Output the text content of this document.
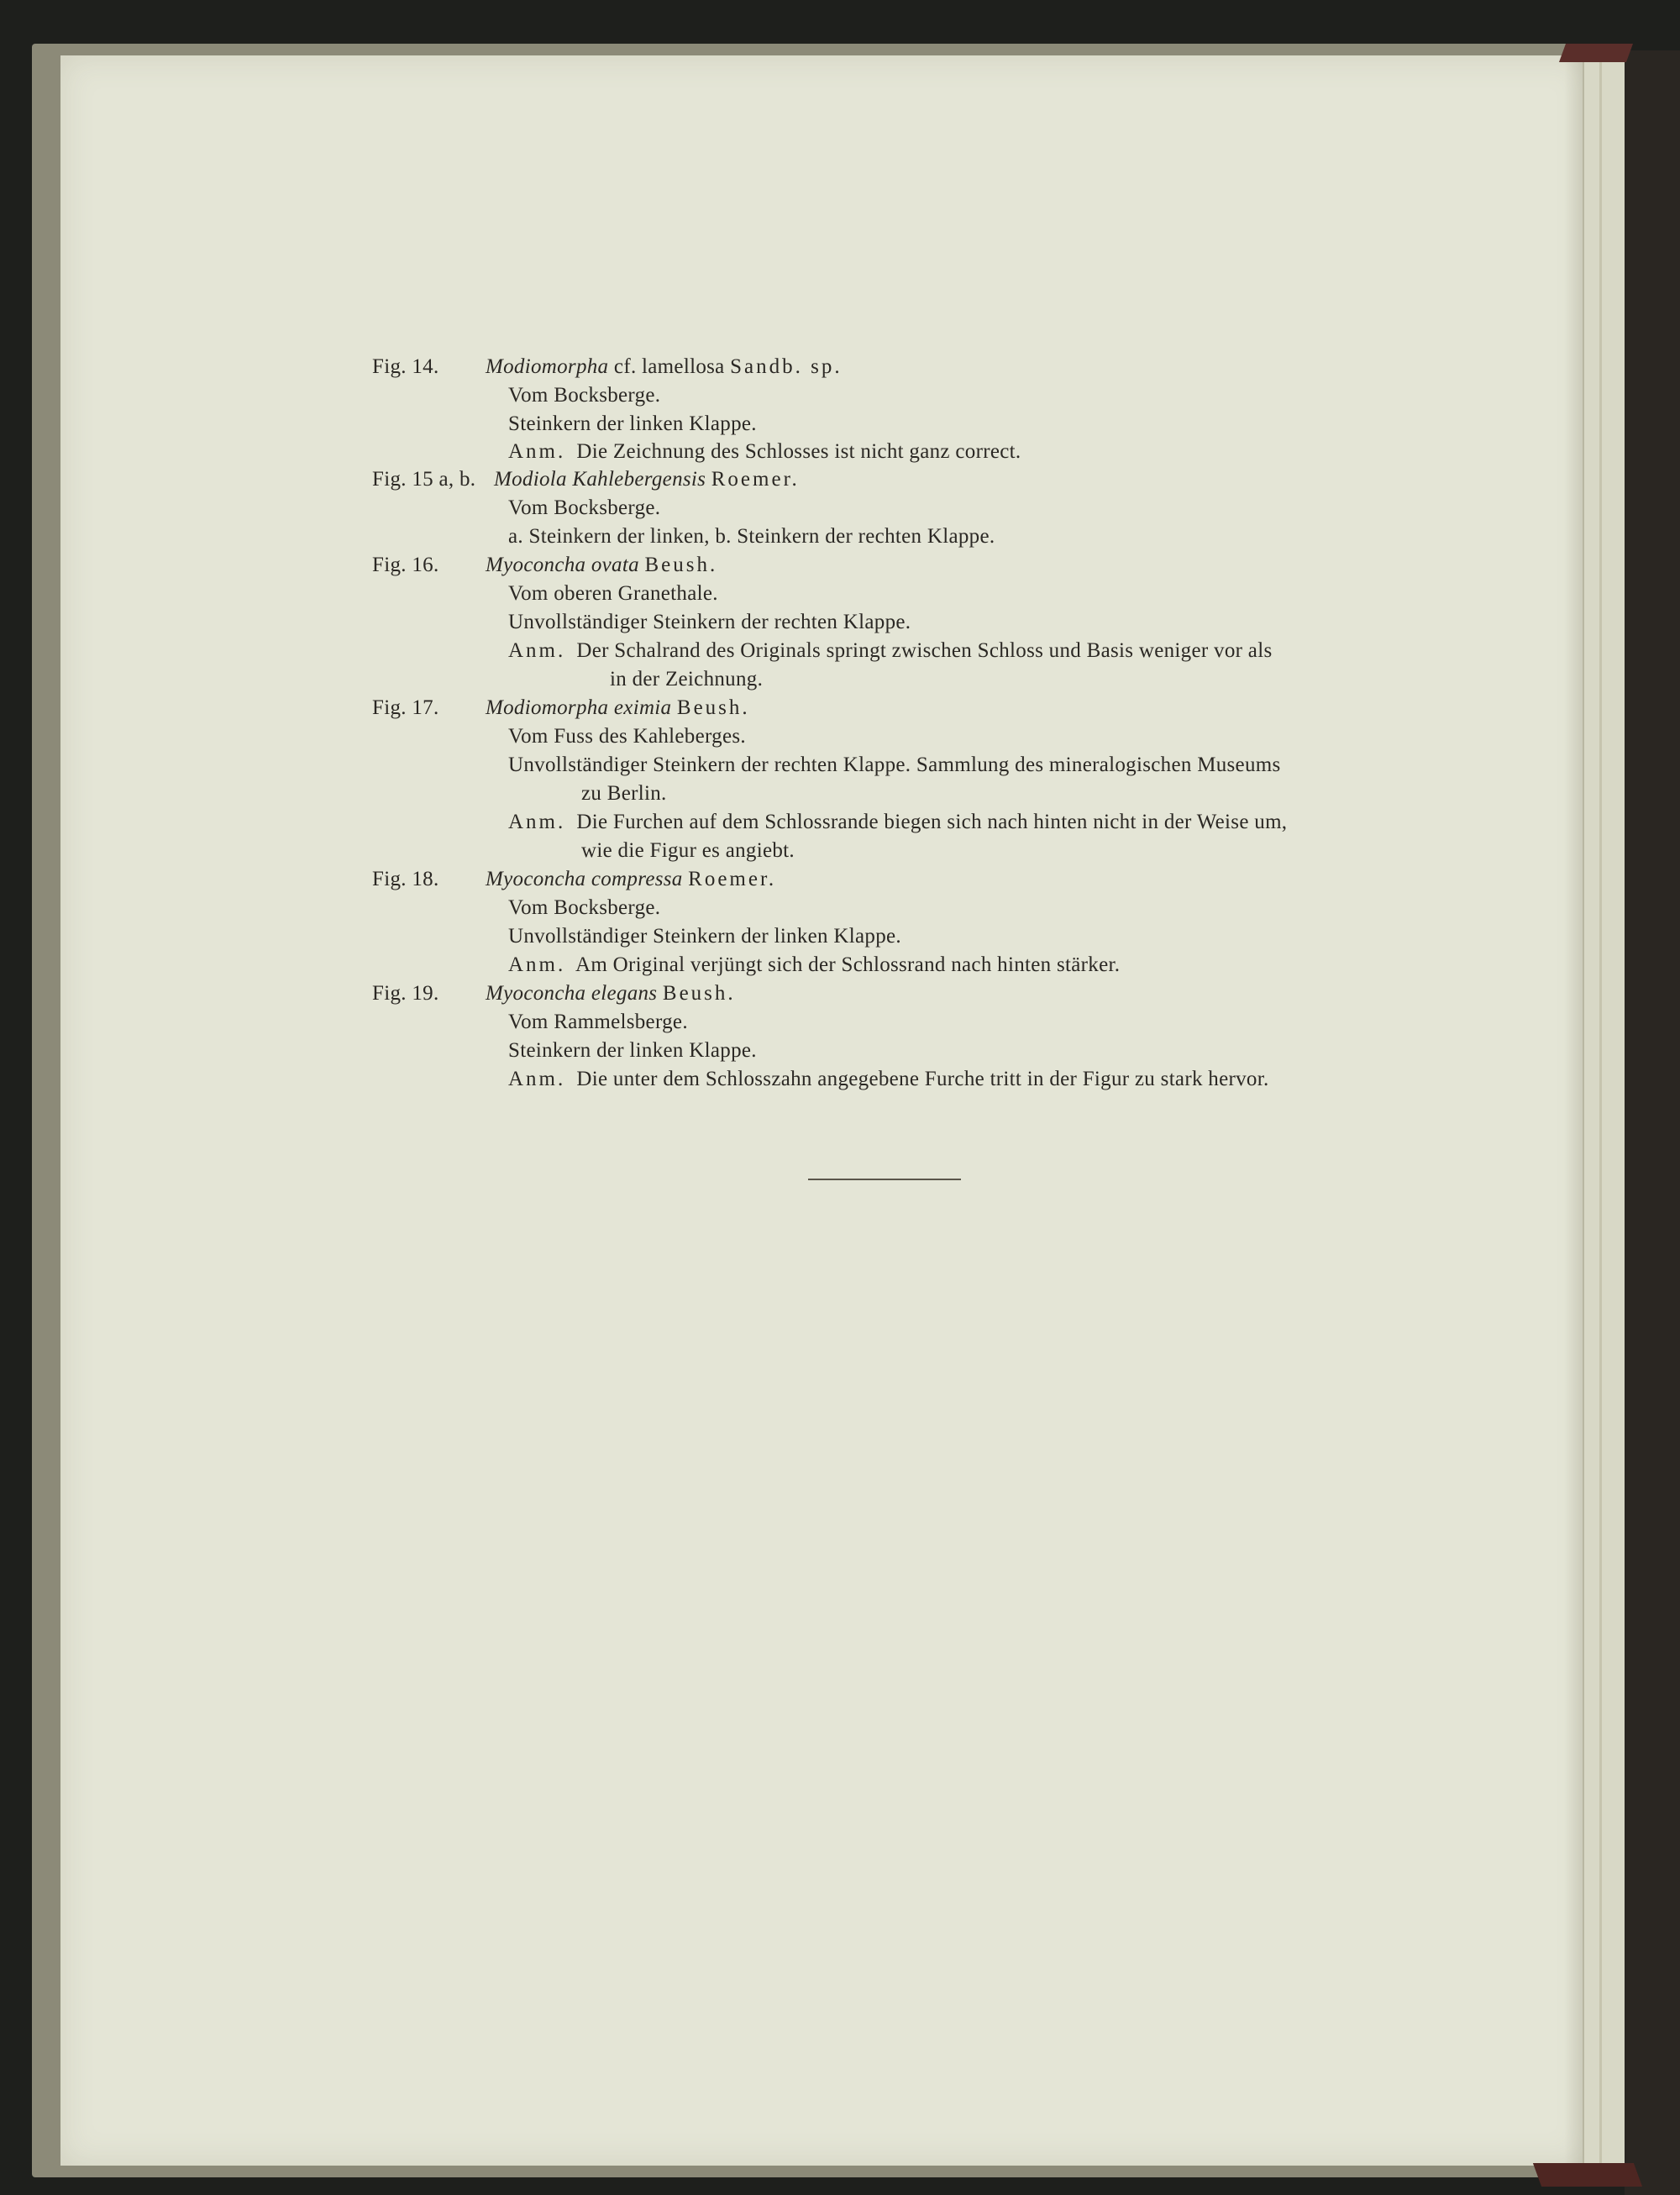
Fig. 14. Modiomorpha cf. lamellosa Sandb. sp.
Vom Bocksberge.
Steinkern der linken Klappe.
Anm. Die Zeichnung des Schlosses ist nicht ganz correct.
Fig. 15 a, b. Modiola Kahlebergensis Roemer.
Vom Bocksberge.
a. Steinkern der linken, b. Steinkern der rechten Klappe.
Fig. 16. Myoconcha ovata Beush.
Vom oberen Granethale.
Unvollständiger Steinkern der rechten Klappe.
Anm. Der Schalrand des Originals springt zwischen Schloss und Basis weniger vor als
in der Zeichnung.
Fig. 17. Modiomorpha eximia Beush.
Vom Fuss des Kahleberges.
Unvollständiger Steinkern der rechten Klappe. Sammlung des mineralogischen Museums
zu Berlin.
Anm. Die Furchen auf dem Schlossrande biegen sich nach hinten nicht in der Weise um,
wie die Figur es angiebt.
Fig. 18. Myoconcha compressa Roemer.
Vom Bocksberge.
Unvollständiger Steinkern der linken Klappe.
Anm. Am Original verjüngt sich der Schlossrand nach hinten stärker.
Fig. 19. Myoconcha elegans Beush.
Vom Rammelsberge.
Steinkern der linken Klappe.
Anm. Die unter dem Schlosszahn angegebene Furche tritt in der Figur zu stark hervor.
